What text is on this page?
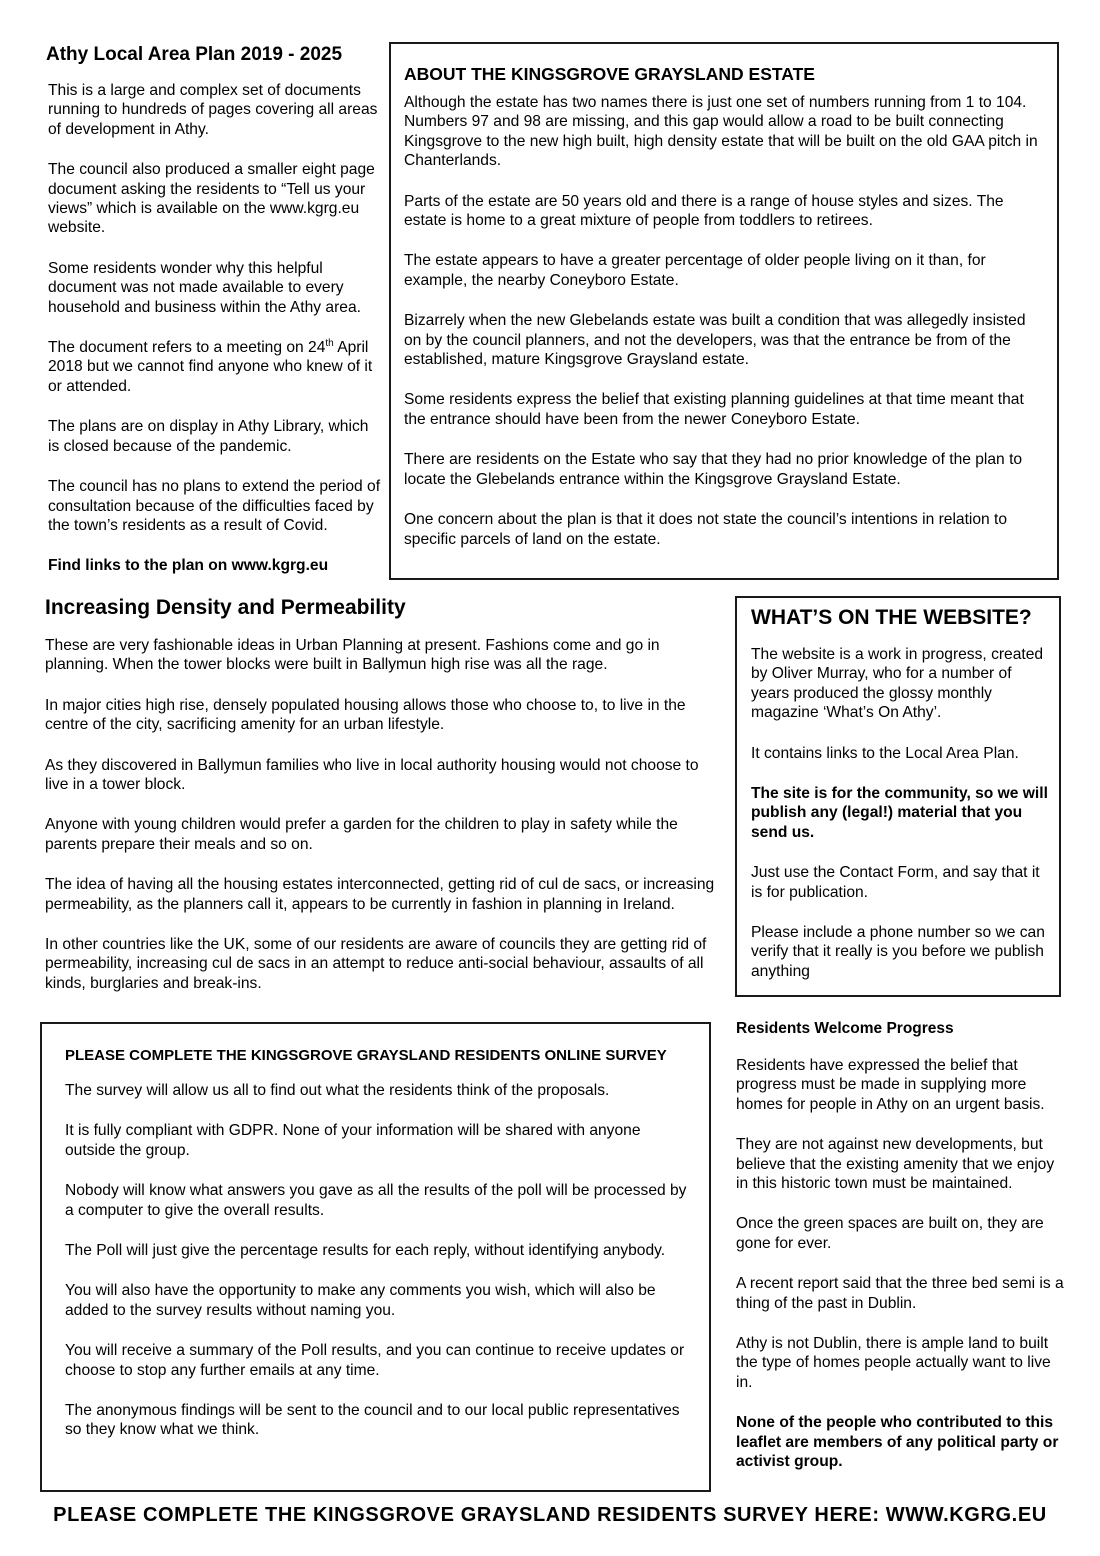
Athy Local Area Plan 2019 - 2025

This is a large and complex set of documents running to hundreds of pages covering all areas of development in Athy.

The council also produced a smaller eight page document asking the residents to “Tell us your views” which is available on the www.kgrg.eu website.

Some residents wonder why this helpful document was not made available to every household and business within the Athy area.

The document refers to a meeting on 24th April 2018 but we cannot find anyone who knew of it or attended.

The plans are on display in Athy Library, which is closed because of the pandemic.

The council has no plans to extend the period of consultation because of the difficulties faced by the town’s residents as a result of Covid.

Find links to the plan on www.kgrg.eu

ABOUT THE KINGSGROVE GRAYSLAND ESTATE

Although the estate has two names there is just one set of numbers running from 1 to 104. Numbers 97 and 98 are missing, and this gap would allow a road to be built connecting Kingsgrove to the new high built, high density estate that will be built on the old GAA pitch in Chanterlands.

Parts of the estate are 50 years old and there is a range of house styles and sizes. The estate is home to a great mixture of people from toddlers to retirees.

The estate appears to have a greater percentage of older people living on it than, for example, the nearby Coneyboro Estate.

Bizarrely when the new Glebelands estate was built a condition that was allegedly insisted on by the council planners, and not the developers, was that the entrance be from of the established, mature Kingsgrove Graysland estate.

Some residents express the belief that existing planning guidelines at that time meant that the entrance should have been from the newer Coneyboro Estate.

There are residents on the Estate who say that they had no prior knowledge of the plan to locate the Glebelands entrance within the Kingsgrove Graysland Estate.

One concern about the plan is that it does not state the council’s intentions in relation to specific parcels of land on the estate.

Increasing Density and Permeability

These are very fashionable ideas in Urban Planning at present. Fashions come and go in planning. When the tower blocks were built in Ballymun high rise was all the rage.

In major cities high rise, densely populated housing allows those who choose to, to live in the centre of the city, sacrificing amenity for an urban lifestyle.

As they discovered in Ballymun families who live in local authority housing would not choose to live in a tower block.

Anyone with young children would prefer a garden for the children to play in safety while the parents prepare their meals and so on.

The idea of having all the housing estates interconnected, getting rid of cul de sacs, or increasing permeability, as the planners call it, appears to be currently in fashion in planning in Ireland.

In other countries like the UK, some of our residents are aware of councils they are getting rid of permeability, increasing cul de sacs in an attempt to reduce anti-social behaviour, assaults of all kinds, burglaries and break-ins.

WHAT’S ON THE WEBSITE?

The website is a work in progress, created by Oliver Murray, who for a number of years produced the glossy monthly magazine ‘What’s On Athy’.

It contains links to the Local Area Plan.

The site is for the community, so we will publish any (legal!) material that you send us.

Just use the Contact Form, and say that it is for publication.

Please include a phone number so we can verify that it really is you before we publish anything

PLEASE COMPLETE THE KINGSGROVE GRAYSLAND RESIDENTS ONLINE SURVEY

The survey will allow us all to find out what the residents think of the proposals.

It is fully compliant with GDPR. None of your information will be shared with anyone outside the group.

Nobody will know what answers you gave as all the results of the poll will be processed by a computer to give the overall results.

The Poll will just give the percentage results for each reply, without identifying anybody.

You will also have the opportunity to make any comments you wish, which will also be added to the survey results without naming you.

You will receive a summary of the Poll results, and you can continue to receive updates or choose to stop any further emails at any time.

The anonymous findings will be sent to the council and to our local public representatives so they know what we think.

Residents Welcome Progress

Residents have expressed the belief that progress must be made in supplying more homes for people in Athy on an urgent basis.

They are not against new developments, but believe that the existing amenity that we enjoy in this historic town must be maintained.

Once the green spaces are built on, they are gone for ever.

A recent report said that the three bed semi is a thing of the past in Dublin.

Athy is not Dublin, there is ample land to built the type of homes people actually want to live in.

None of the people who contributed to this leaflet are members of any political party or activist group.

PLEASE COMPLETE THE KINGSGROVE GRAYSLAND RESIDENTS SURVEY HERE: WWW.KGRG.EU
